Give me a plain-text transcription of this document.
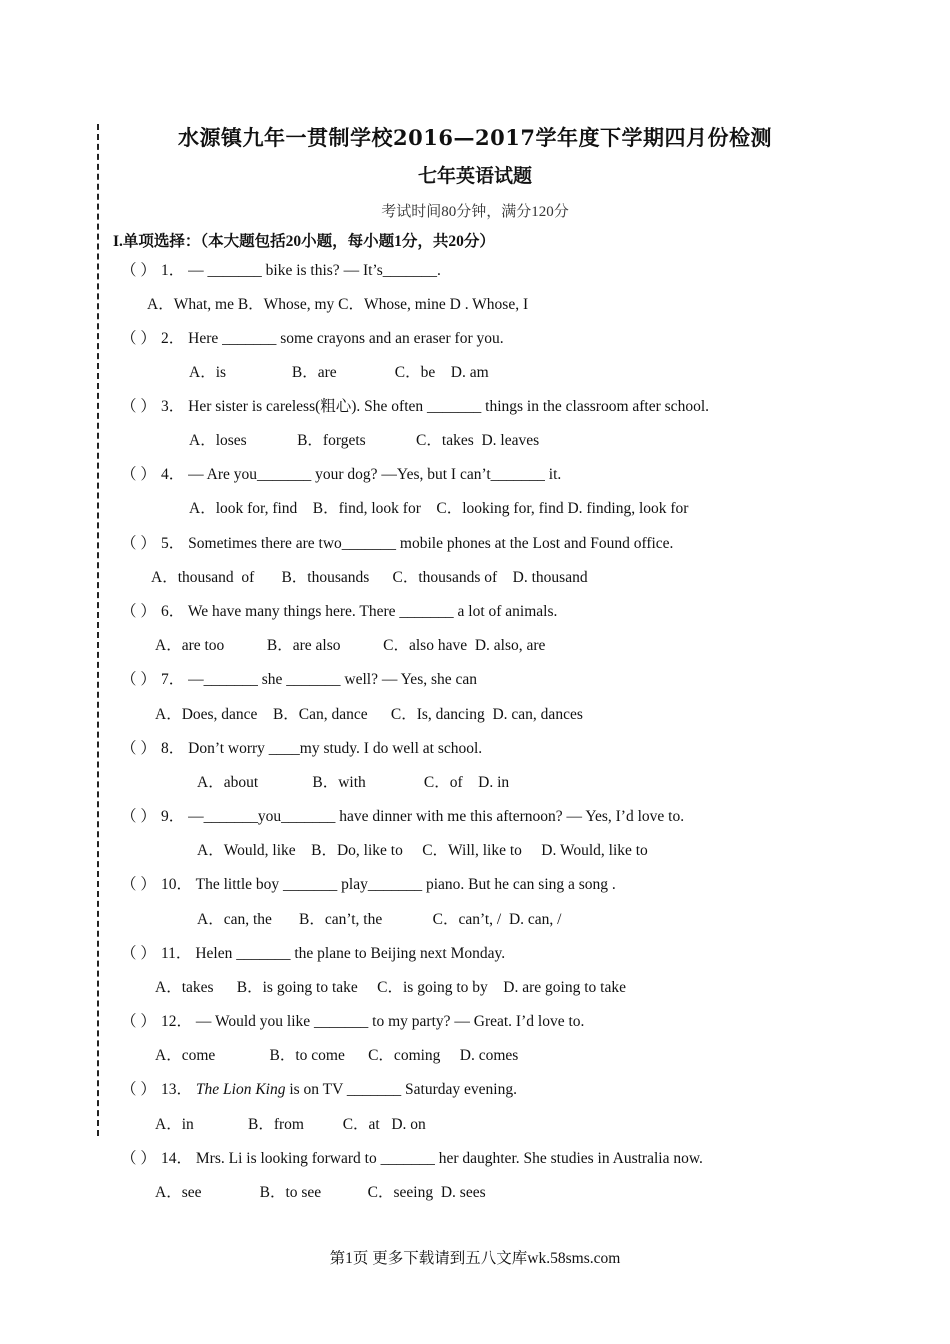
水源镇九年一贯制学校2016—2017学年度下学期四月份检测
七年英语试题
考试时间80分钟，满分120分
I.单项选择：（本大题包括20小题，每小题1分，共20分）
（ ） 1． — _______ bike is this? — It’s_______.
A．What, me B．Whose, my C．Whose, mine D . Whose, I
（ ） 2． Here _______ some crayons and an eraser for you.
A．is                 B．are               C．be    D. am
（ ） 3． Her sister is careless(粗心). She often _______ things in the classroom after school.
A．loses             B．forgets             C．takes  D. leaves
（ ） 4． — Are you_______ your dog? —Yes, but I can’t_______ it.
A．look for, find    B．find, look for    C．looking for, find D. finding, look for
（ ） 5． Sometimes there are two_______ mobile phones at the Lost and Found office.
A．thousand  of       B．thousands      C．thousands of    D. thousand
（ ） 6． We have many things here. There _______ a lot of animals.
A．are too           B．are also           C．also have  D. also, are
（ ） 7． —_______ she _______ well? — Yes, she can
A．Does, dance    B．Can, dance      C．Is, dancing  D. can, dances
（ ） 8． Don’t worry ____my study. I do well at school.
A．about              B．with               C．of    D. in
（ ） 9． —_______you_______ have dinner with me this afternoon? — Yes, I’d love to.
A．Would, like    B．Do, like to     C．Will, like to     D. Would, like to
（ ） 10． The little boy _______ play_______ piano. But he can sing a song .
A．can, the       B．can’t, the             C．can’t, /  D. can, /
（ ） 11． Helen _______ the plane to Beijing next Monday.
A．takes      B．is going to take     C．is going to by    D. are going to take
（ ） 12． — Would you like _______ to my party? — Great. I’d love to.
A．come              B．to come      C．coming     D. comes
（ ） 13． The Lion King is on TV _______ Saturday evening.
A．in              B．from          C．at   D. on
（ ） 14． Mrs. Li is looking forward to _______ her daughter. She studies in Australia now.
A．see               B．to see            C．seeing  D. sees
第1页 更多下载请到五八文库wk.58sms.com
